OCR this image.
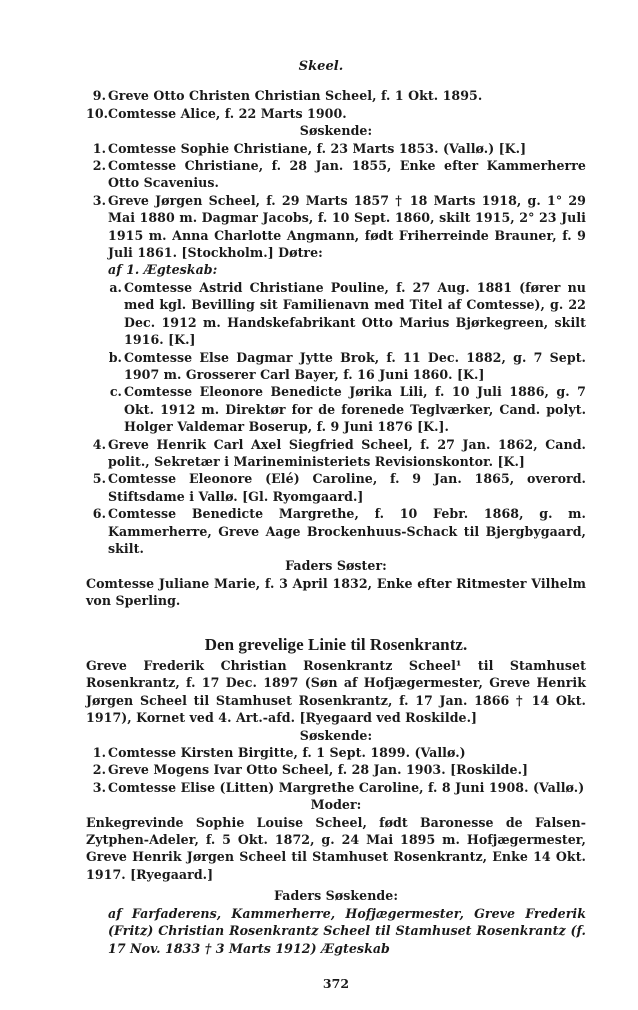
Skeel.
9. Greve Otto Christen Christian Scheel, f. 1 Okt. 1895.
10. Comtesse Alice, f. 22 Marts 1900.
Søskende:
1. Comtesse Sophie Christiane, f. 23 Marts 1853. (Vallø.) [K.]
2. Comtesse Christiane, f. 28 Jan. 1855, Enke efter Kammerherre Otto Scavenius.
3. Greve Jørgen Scheel, f. 29 Marts 1857 † 18 Marts 1918, g. 1° 29 Mai 1880 m. Dagmar Jacobs, f. 10 Sept. 1860, skilt 1915, 2° 23 Juli 1915 m. Anna Charlotte Angmann, født Friherreinde Brauner, f. 9 Juli 1861. [Stockholm.] Døtre:
af 1. Ægteskab:
a. Comtesse Astrid Christiane Pouline, f. 27 Aug. 1881 (fører nu med kgl. Bevilling sit Familienavn med Titel af Comtesse), g. 22 Dec. 1912 m. Handskefabrikant Otto Marius Bjørkegreen, skilt 1916. [K.]
b. Comtesse Else Dagmar Jytte Brok, f. 11 Dec. 1882, g. 7 Sept. 1907 m. Grosserer Carl Bayer, f. 16 Juni 1860. [K.]
c. Comtesse Eleonore Benedicte Jørika Lili, f. 10 Juli 1886, g. 7 Okt. 1912 m. Direktør for de forenede Teglværker, Cand. polyt. Holger Valdemar Boserup, f. 9 Juni 1876 [K.].
4. Greve Henrik Carl Axel Siegfried Scheel, f. 27 Jan. 1862, Cand. polit., Sekretær i Marineministeriets Revisionskontor. [K.]
5. Comtesse Eleonore (Elé) Caroline, f. 9 Jan. 1865, overord. Stiftsdame i Vallø. [Gl. Ryomgaard.]
6. Comtesse Benedicte Margrethe, f. 10 Febr. 1868, g. m. Kammerherre, Greve Aage Brockenhuus-Schack til Bjergbygaard, skilt.
Faders Søster:
Comtesse Juliane Marie, f. 3 April 1832, Enke efter Ritmester Vilhelm von Sperling.
Den grevelige Linie til Rosenkrantz.
Greve Frederik Christian Rosenkrantz Scheel¹ til Stamhuset Rosenkrantz, f. 17 Dec. 1897 (Søn af Hofjægermester, Greve Henrik Jørgen Scheel til Stamhuset Rosenkrantz, f. 17 Jan. 1866 † 14 Okt. 1917), Kornet ved 4. Art.-afd. [Ryegaard ved Roskilde.]
Søskende:
1. Comtesse Kirsten Birgitte, f. 1 Sept. 1899. (Vallø.)
2. Greve Mogens Ivar Otto Scheel, f. 28 Jan. 1903. [Roskilde.]
3. Comtesse Elise (Litten) Margrethe Caroline, f. 8 Juni 1908. (Vallø.)
Moder:
Enkegrevinde Sophie Louise Scheel, født Baronesse de Falsen-Zytphen-Adeler, f. 5 Okt. 1872, g. 24 Mai 1895 m. Hofjægermester, Greve Henrik Jørgen Scheel til Stamhuset Rosenkrantz, Enke 14 Okt. 1917. [Ryegaard.]
Faders Søskende:
af Farfaderens, Kammerherre, Hofjægermester, Greve Frederik (Fritz) Christian Rosenkrantz Scheel til Stamhuset Rosenkrantz (f. 17 Nov. 1833 † 3 Marts 1912) Ægteskab
372
